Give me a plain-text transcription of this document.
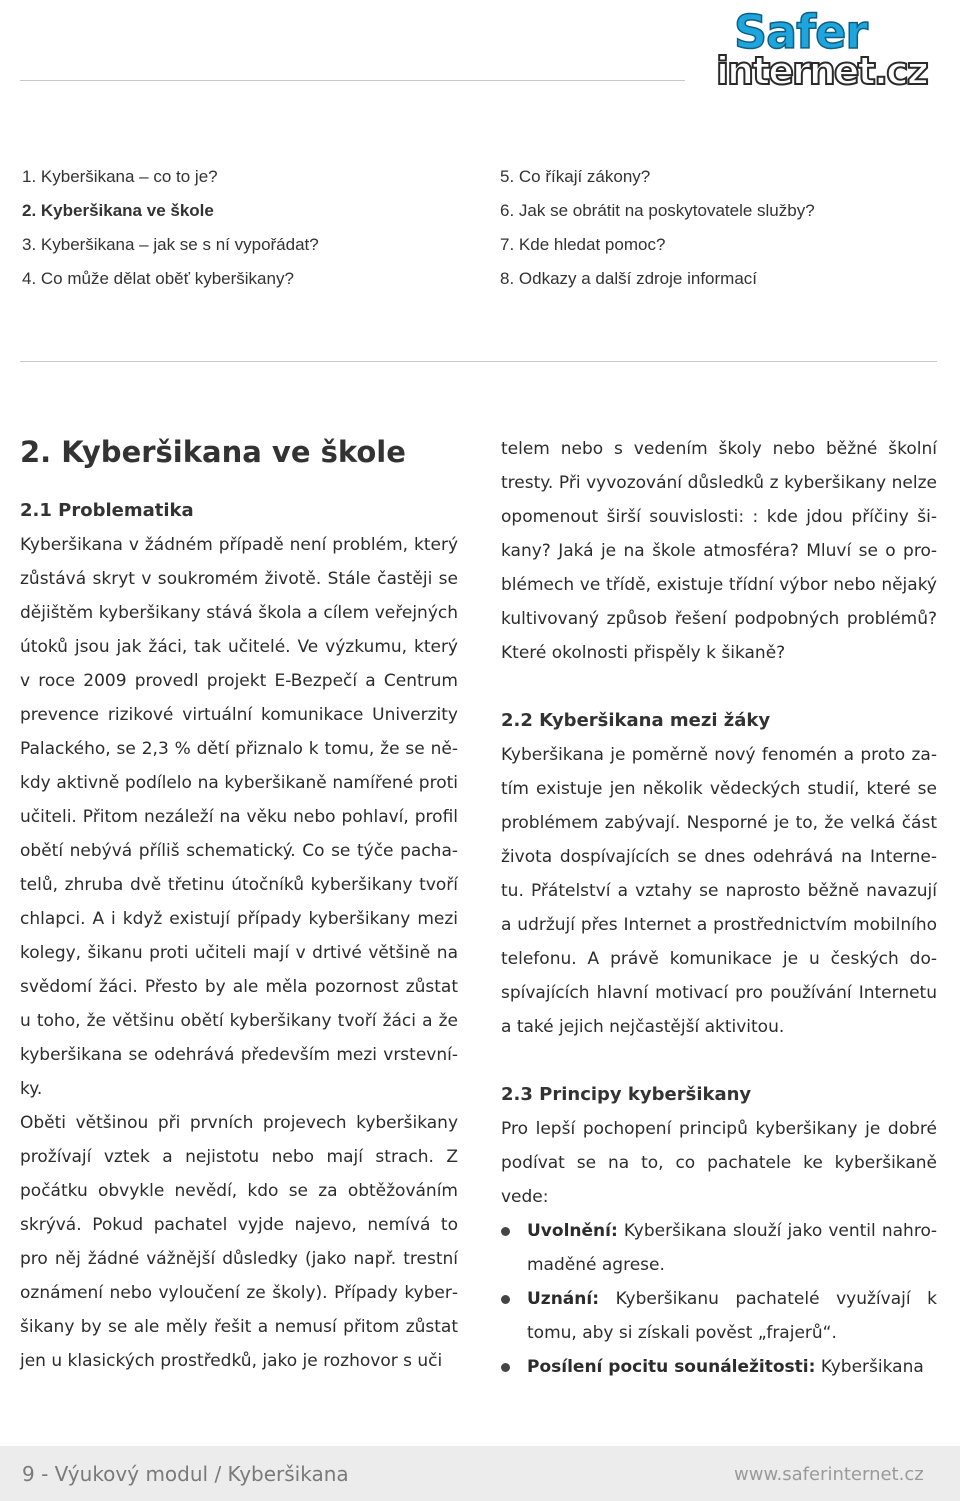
Safer
internet.cz
1. Kyberšikana – co to je?
2. Kyberšikana ve škole
3. Kyberšikana – jak se s ní vypořádat?
4. Co může dělat oběť kyberšikany?
5. Co říkají zákony?
6. Jak se obrátit na poskytovatele služby?
7. Kde hledat pomoc?
8. Odkazy a další zdroje informací
2. Kyberšikana ve škole
2.1 Problematika

Kyberšikana v žádném případě není problém, který zůstává skryt v soukromém životě. Stále častěji se dějištěm kyberšikany stává škola a cílem veřejných útoků jsou jak žáci, tak učitelé. Ve výzkumu, který v roce 2009 provedl projekt E-Bezpečí a Centrum prevence rizikové virtuální komunikace Univerzity Palackého, se 2,3 % dětí přiznalo k tomu, že se někdy aktivně podílelo na kyberšikaně namířené proti učiteli. Přitom nezáleží na věku nebo pohlaví, profil obětí nebývá příliš schematický. Co se týče pachatelů, zhruba dvě třetinu útočníků kyberšikany tvoří chlapci. A i když existují případy kyberšikany mezi kolegy, šikanu proti učiteli mají v drtivé většině na svědomí žáci. Přesto by ale měla pozornost zůstat u toho, že většinu obětí kyberšikany tvoří žáci a že kyberšikana se odehrává především mezi vrstevníky.

Oběti většinou při prvních projevech kyberšikany prožívají vztek a nejistotu nebo mají strach. Z počátku obvykle nevědí, kdo se za obtěžováním skrývá. Pokud pachatel vyjde najevo, nemívá to pro něj žádné vážnější důsledky (jako např. trestní oznámení nebo vyloučení ze školy). Případy kyberšikany by se ale měly řešit a nemusí přitom zůstat jen u klasických prostředků, jako je rozhovor s uči

telem nebo s vedením školy nebo běžné školní tresty. Při vyvozování důsledků z kyberšikany nelze opomenout širší souvislosti: : kde jdou příčiny šikany? Jaká je na škole atmosféra? Mluví se o problémech ve třídě, existuje třídní výbor nebo nějaký kultivovaný způsob řešení podpobných problémů? Které okolnosti přispěly k šikaně?

2.2 Kyberšikana mezi žáky

Kyberšikana je poměrně nový fenomén a proto zatím existuje jen několik vědeckých studií, které se problémem zabývají. Nesporné je to, že velká část života dospívajících se dnes odehrává na Internetu. Přátelství a vztahy se naprosto běžně navazují a udržují přes Internet a prostřednictvím mobilního telefonu. A právě komunikace je u českých dospívajících hlavní motivací pro používání Internetu a také jejich nejčastější aktivitou.

2.3 Principy kyberšikany

Pro lepší pochopení principů kyberšikany je dobré podívat se na to, co pachatele ke kyberšikaně vede:

Uvolnění: Kyberšikana slouží jako ventil nahromaděné agrese.
Uznání: Kyberšikanu pachatelé využívají k tomu, aby si získali pověst „frajerů“.
Posílení pocitu sounáležitosti: Kyberšikana
9 - Výukový modul / Kyberšikana	www.saferinternet.cz
